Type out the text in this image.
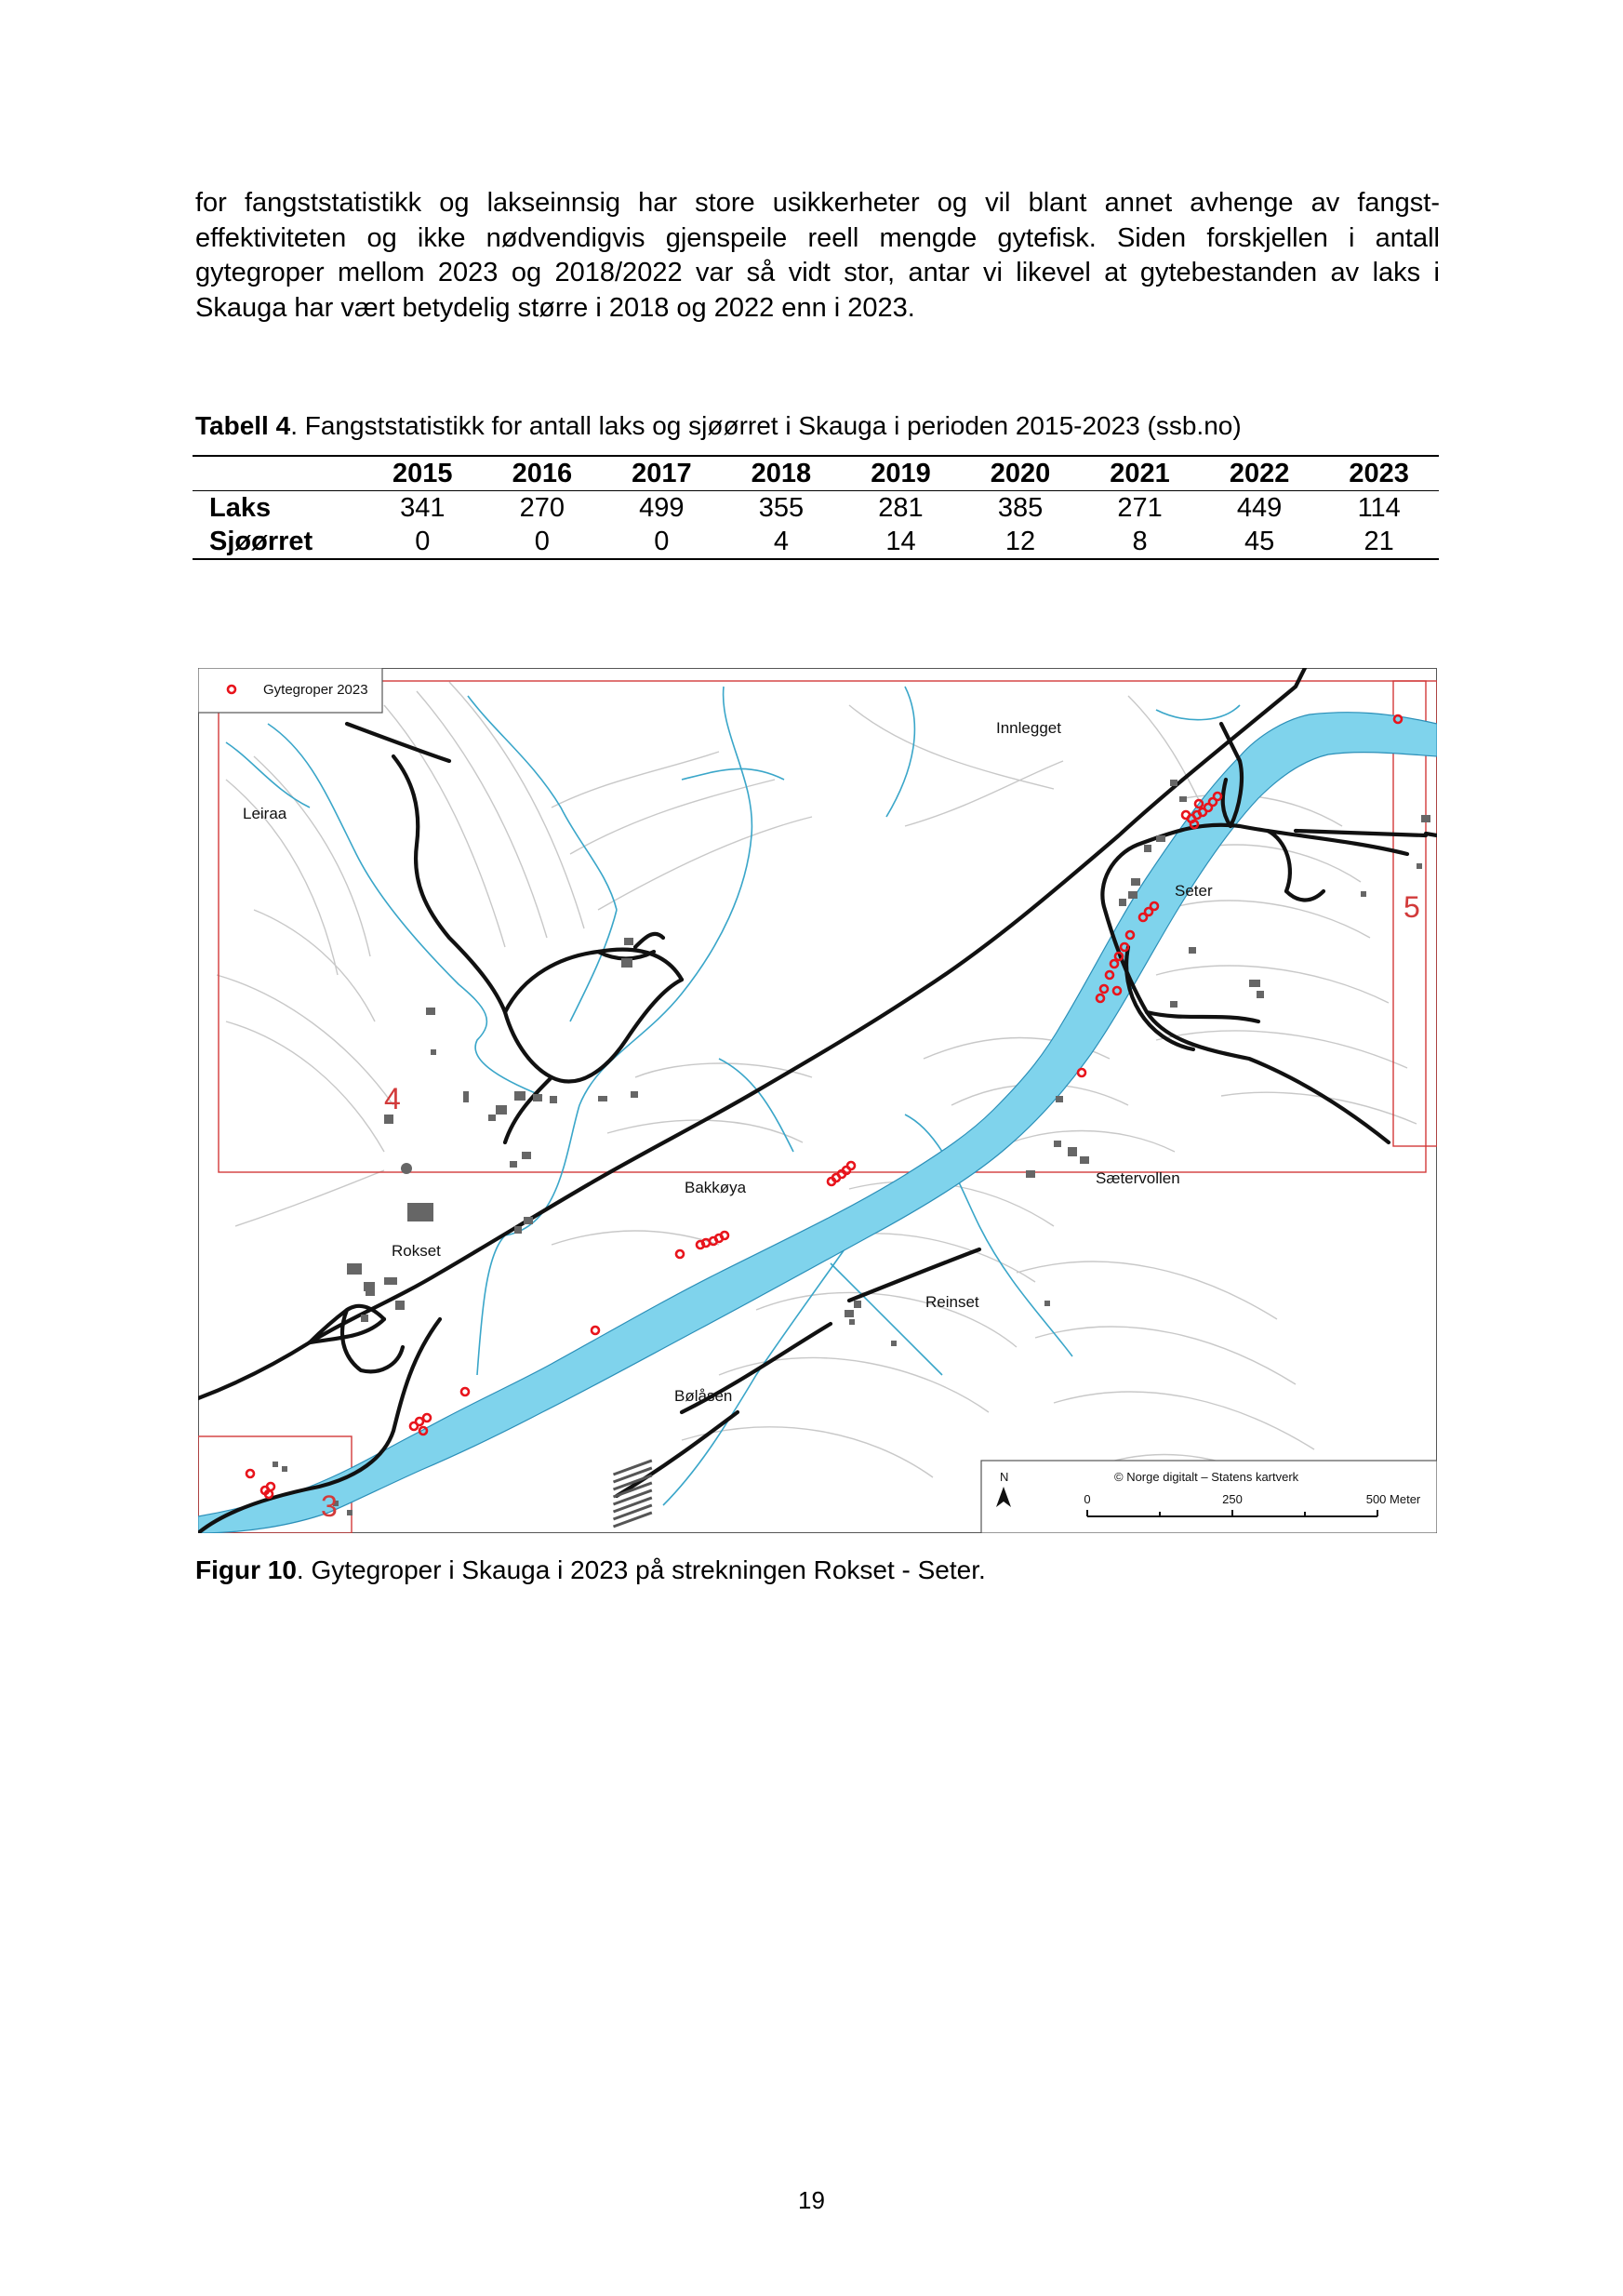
for fangststatistikk og lakseinnsig har store usikkerheter og vil blant annet avhenge av fangst-
effektiviteten og ikke nødvendigvis gjenspeile reell mengde gytefisk. Siden forskjellen i antall
gytegroper mellom 2023 og 2018/2022 var så vidt stor, antar vi likevel at gytebestanden av laks i
Skauga har vært betydelig større i 2018 og 2022 enn i 2023.
Tabell 4. Fangststatistikk for antall laks og sjøørret i Skauga i perioden 2015-2023 (ssb.no)
	2015	2016	2017	2018	2019	2020	2021	2022	2023
Laks	341	270	499	355	281	385	271	449	114
Sjøørret	0	0	0	4	14	12	8	45	21
Gytegroper 2023
Leiraa
Innlegget
Seter
Bakkøya
Sætervollen
Rokset
Reinset
Bølåsen
4
5
3
N	© Norge digitalt – Statens kartverk
0	250	500 Meter
Figur 10. Gytegroper i Skauga i 2023 på strekningen Rokset - Seter.
19
